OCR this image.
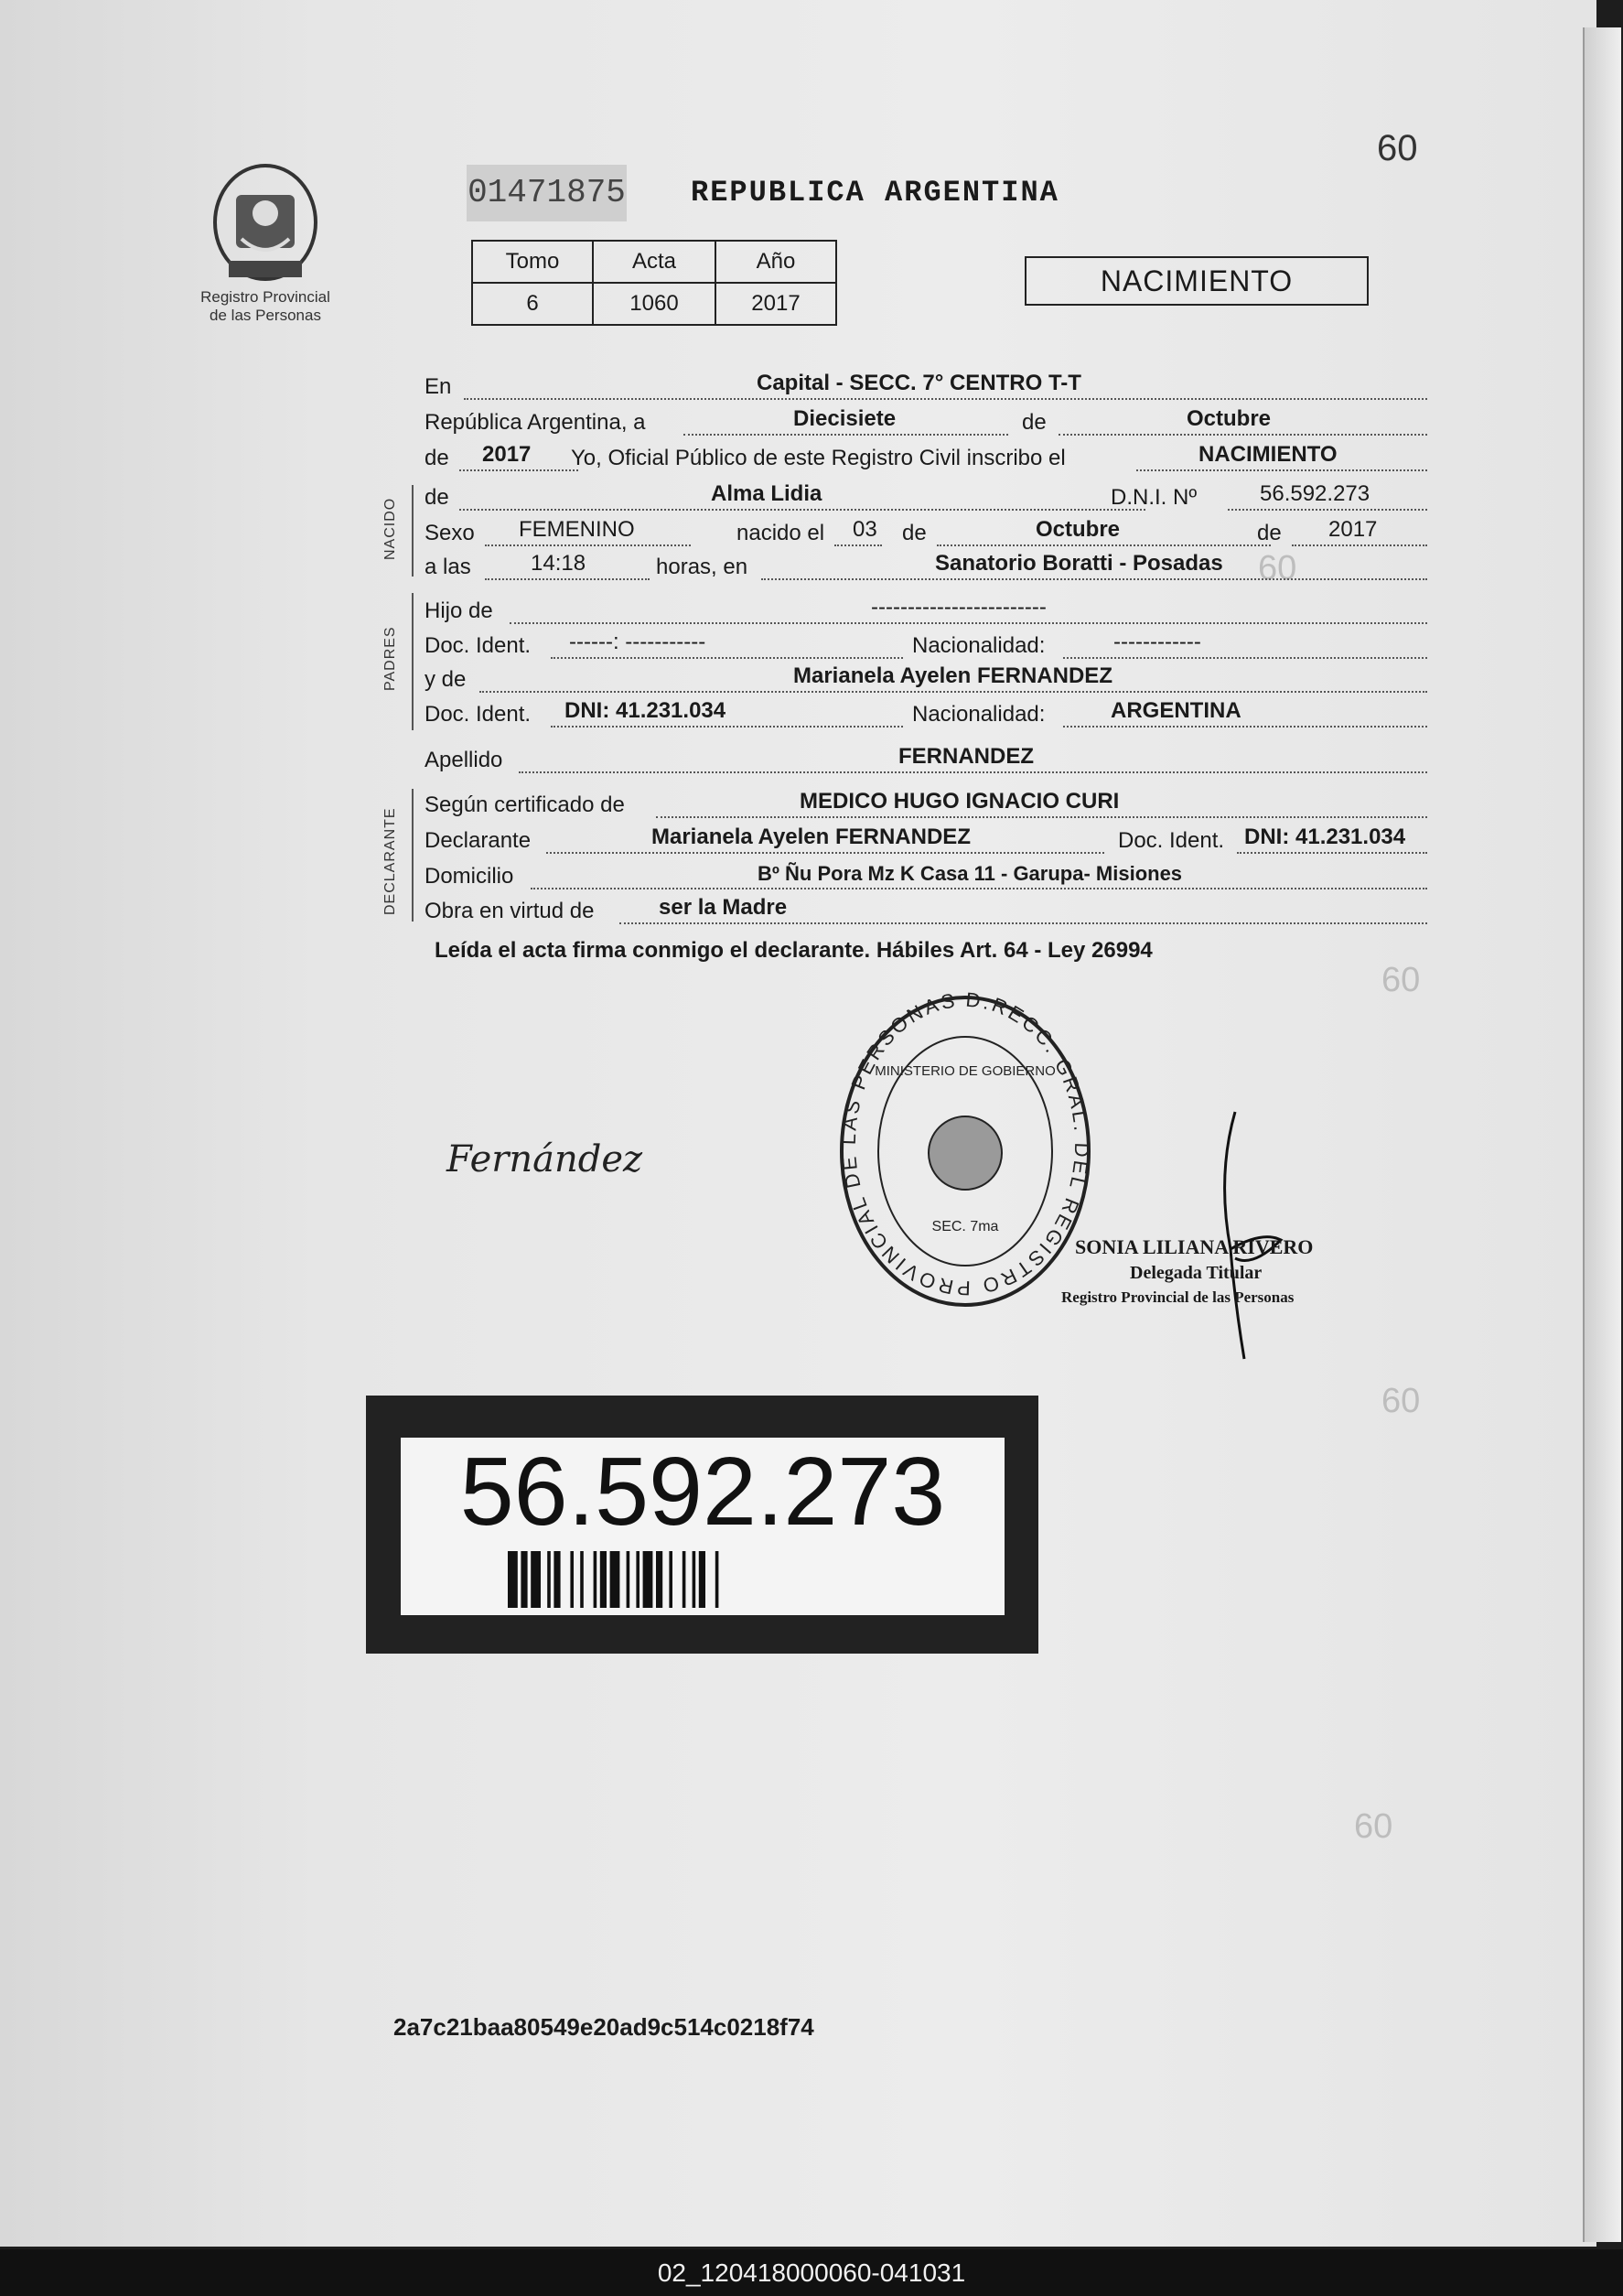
60
60
60
60
60
Registro Provincial
de las Personas
01471875 REPUBLICA ARGENTINA
Tomo	Acta	Año
6	1060	2017
NACIMIENTO
En	Capital - SECC. 7° CENTRO T-T
República Argentina, a	Diecisiete	de	Octubre
de 2017 Yo, Oficial Público de este Registro Civil inscribo el	NACIMIENTO
NACIDO
PADRES
DECLARANTE
de	Alma Lidia	D.N.I. Nº	56.592.273
Sexo FEMENINO	nacido el 03 de	Octubre	de 2017
a las	14:18	horas, en	Sanatorio Boratti - Posadas
Hijo de	------------------------
Doc. Ident. ------: -----------	Nacionalidad:	------------
y de	Marianela Ayelen FERNANDEZ
Doc. Ident. DNI: 41.231.034	Nacionalidad:	ARGENTINA
Apellido	FERNANDEZ
Según certificado de	MEDICO HUGO IGNACIO CURI
Declarante	Marianela Ayelen FERNANDEZ	Doc. Ident. DNI: 41.231.034
Domicilio	Bº Ñu Pora Mz K Casa 11 - Garupa- Misiones
Obra en virtud de	ser la Madre
Leída el acta firma conmigo el declarante. Hábiles Art. 64 - Ley 26994
Fernández
D.RECC. GRAL. DEL REGISTRO PROVINCIAL DE LAS PERSONAS
MINISTERIO DE GOBIERNO
SEC. 7ma
SONIA LILIANA RIVERO
Delegada Titular
Registro Provincial de las Personas
56.592.273
2a7c21baa80549e20ad9c514c0218f74
02_120418000060-041031
